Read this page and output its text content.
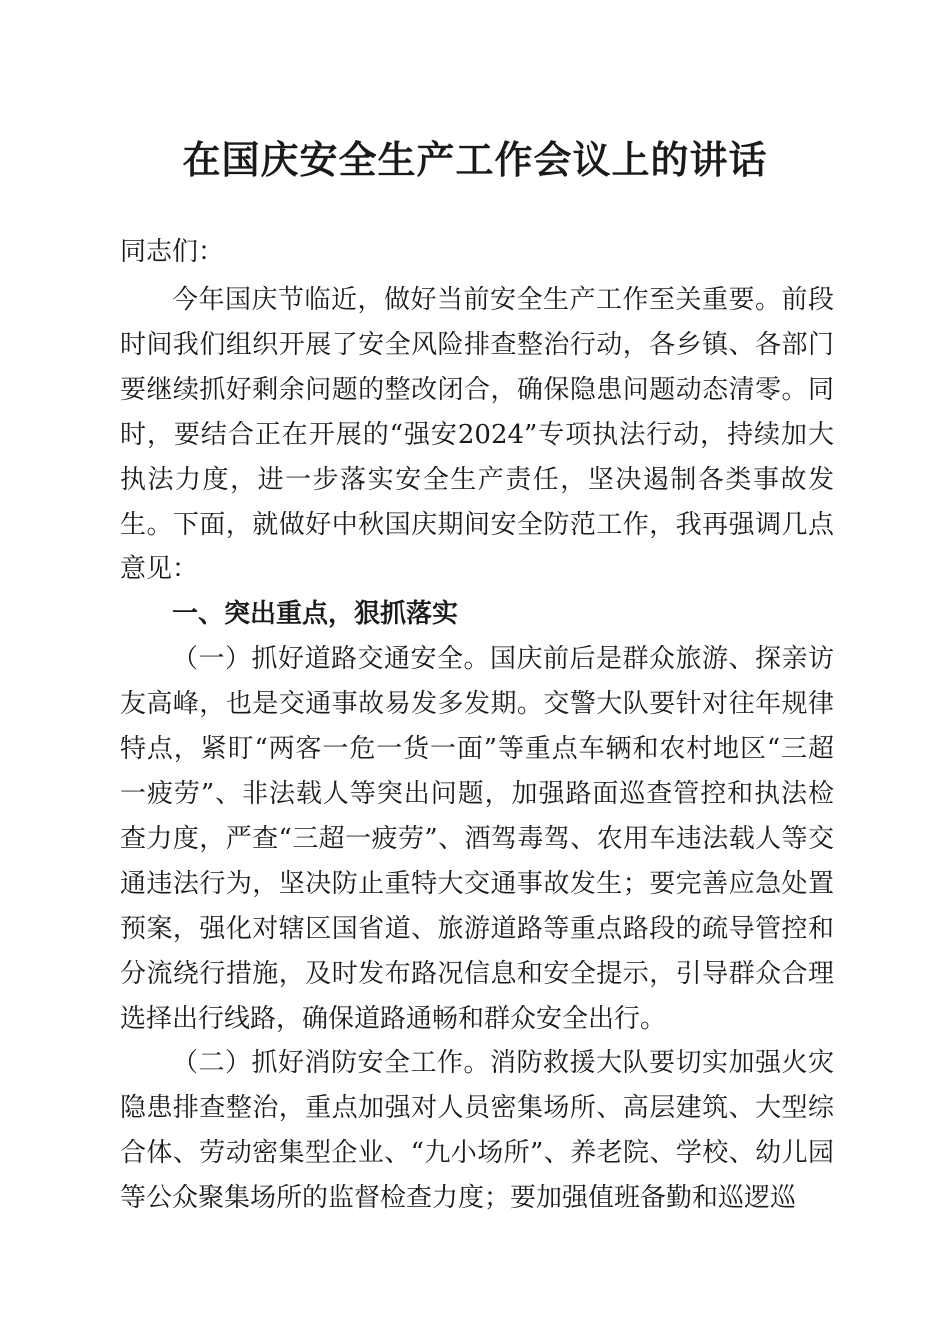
在国庆安全生产工作会议上的讲话
同志们：

今年国庆节临近，做好当前安全生产工作至关重要。前段时间我们组织开展了安全风险排查整治行动，各乡镇、各部门要继续抓好剩余问题的整改闭合，确保隐患问题动态清零。同时，要结合正在开展的“强安2024”专项执法行动，持续加大执法力度，进一步落实安全生产责任，坚决遏制各类事故发生。下面，就做好中秋国庆期间安全防范工作，我再强调几点意见：

一、突出重点，狠抓落实

（一）抓好道路交通安全。国庆前后是群众旅游、探亲访友高峰，也是交通事故易发多发期。交警大队要针对往年规律特点，紧盯“两客一危一货一面”等重点车辆和农村地区“三超一疲劳”、非法载人等突出问题，加强路面巡查管控和执法检查力度，严查“三超一疲劳”、酒驾毒驾、农用车违法载人等交通违法行为，坚决防止重特大交通事故发生；要完善应急处置预案，强化对辖区国省道、旅游道路等重点路段的疏导管控和分流绕行措施，及时发布路况信息和安全提示，引导群众合理选择出行线路，确保道路通畅和群众安全出行。

（二）抓好消防安全工作。消防救援大队要切实加强火灾隐患排查整治，重点加强对人员密集场所、高层建筑、大型综合体、劳动密集型企业、“九小场所”、养老院、学校、幼儿园等公众聚集场所的监督检查力度；要加强值班备勤和巡逻巡
